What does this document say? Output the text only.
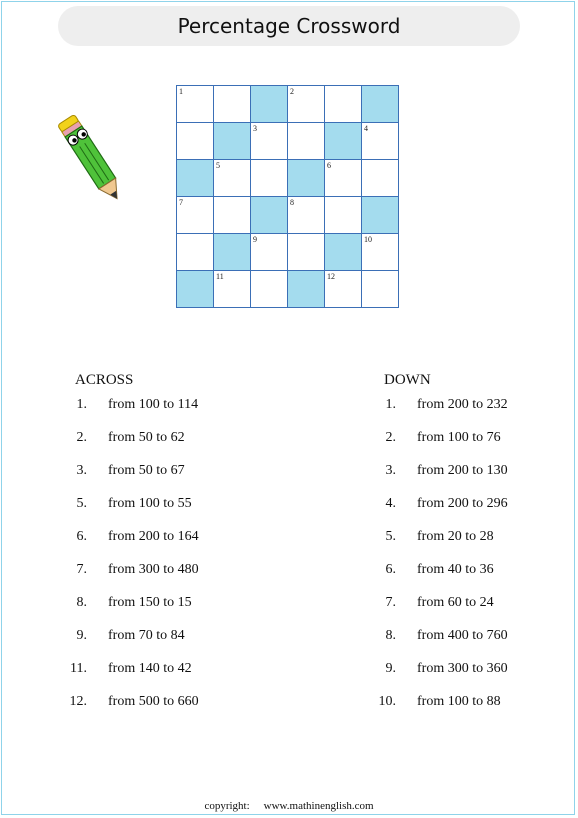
Percentage Crossword
1	2
3	4
5	6
7	8
9	10
11	12
ACROSS
1. from 100 to 114
2. from 50 to 62
3. from 50 to 67
5. from 100 to 55
6. from 200 to 164
7. from 300 to 480
8. from 150 to 15
9. from 70 to 84
11. from 140 to 42
12. from 500 to 660
DOWN
1. from 200 to 232
2. from 100 to 76
3. from 200 to 130
4. from 200 to 296
5. from 20 to 28
6. from 40 to 36
7. from 60 to 24
8. from 400 to 760
9. from 300 to 360
10. from 100 to 88
copyright: www.mathinenglish.com
